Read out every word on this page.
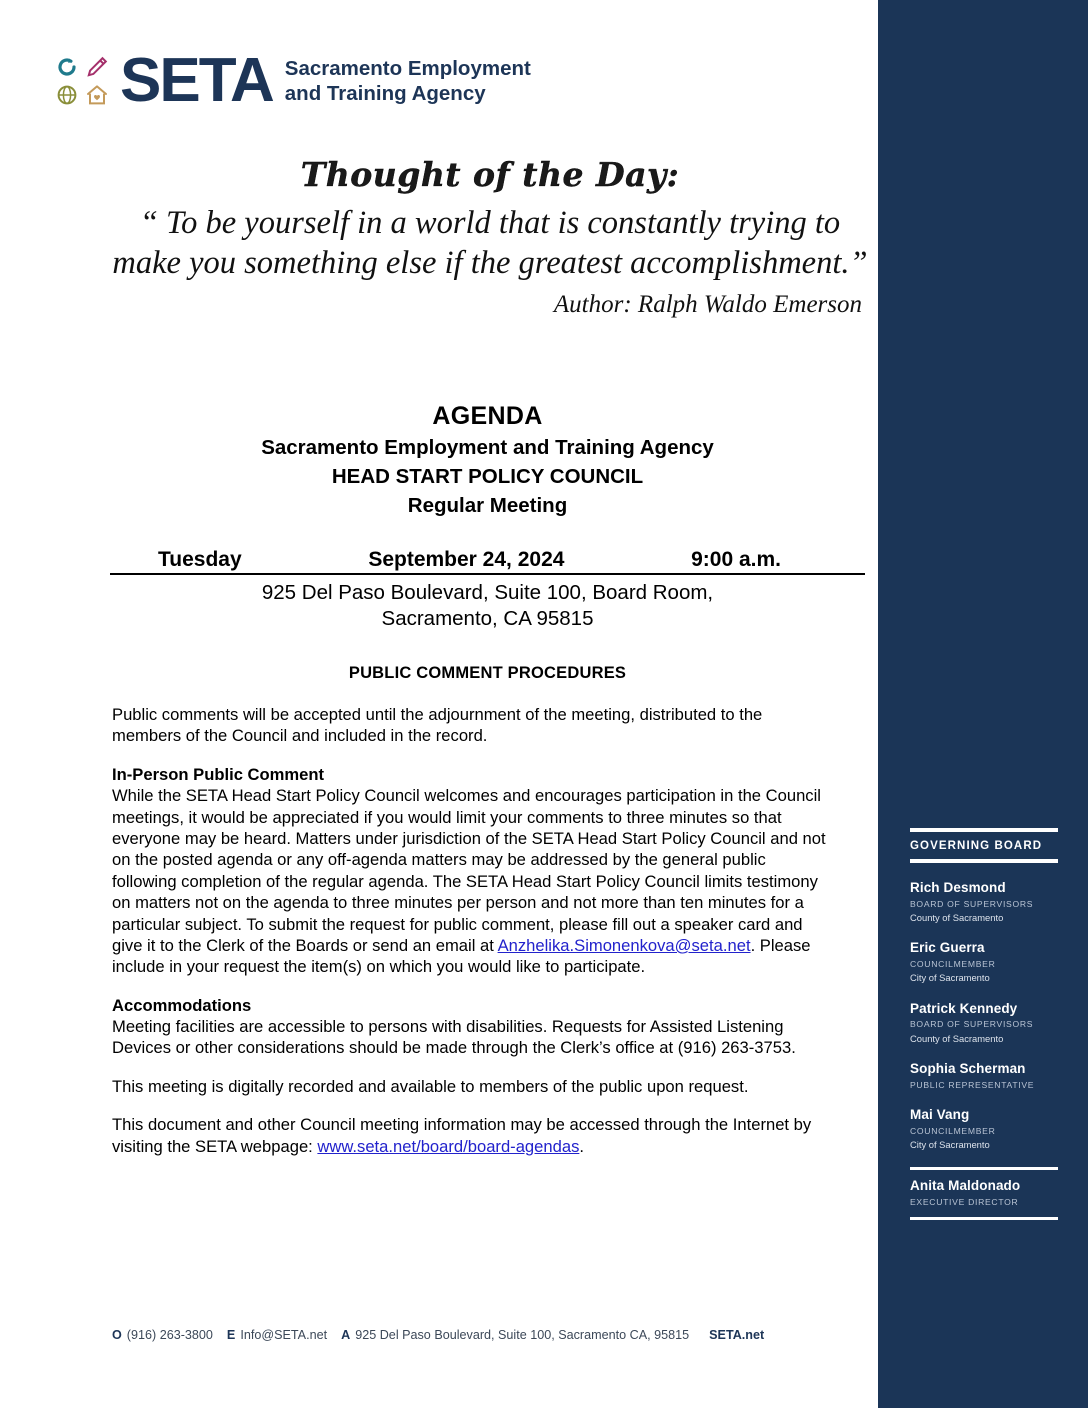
GOVERNING BOARD
Rich Desmond
BOARD OF SUPERVISORS
County of Sacramento
Eric Guerra
COUNCILMEMBER
City of Sacramento
Patrick Kennedy
BOARD OF SUPERVISORS
County of Sacramento
Sophia Scherman
PUBLIC REPRESENTATIVE
Mai Vang
COUNCILMEMBER
City of Sacramento
Anita Maldonado
EXECUTIVE DIRECTOR
SETA Sacramento Employment
and Training Agency
Thought of the Day:
“ To be yourself in a world that is constantly trying to make you something else if the greatest accomplishment.”
Author: Ralph Waldo Emerson
AGENDA
Sacramento Employment and Training Agency
HEAD START POLICY COUNCIL
Regular Meeting
Tuesday	September 24, 2024	9:00 a.m.
925 Del Paso Boulevard, Suite 100, Board Room,
Sacramento, CA 95815
PUBLIC COMMENT PROCEDURES

Public comments will be accepted until the adjournment of the meeting, distributed to the members of the Council and included in the record.

In-Person Public Comment

While the SETA Head Start Policy Council welcomes and encourages participation in the Council meetings, it would be appreciated if you would limit your comments to three minutes so that everyone may be heard. Matters under jurisdiction of the SETA Head Start Policy Council and not on the posted agenda or any off-agenda matters may be addressed by the general public following completion of the regular agenda. The SETA Head Start Policy Council limits testimony on matters not on the agenda to three minutes per person and not more than ten minutes for a particular subject. To submit the request for public comment, please fill out a speaker card and give it to the Clerk of the Boards or send an email at Anzhelika.Simonenkova@seta.net. Please include in your request the item(s) on which you would like to participate.

Accommodations

Meeting facilities are accessible to persons with disabilities. Requests for Assisted Listening Devices or other considerations should be made through the Clerk’s office at (916) 263-3753.

This meeting is digitally recorded and available to members of the public upon request.

This document and other Council meeting information may be accessed through the Internet by visiting the SETA webpage: www.seta.net/board/board-agendas.

O (916) 263-3800 E Info@SETA.net A 925 Del Paso Boulevard, Suite 100, Sacramento CA, 95815 SETA.net
